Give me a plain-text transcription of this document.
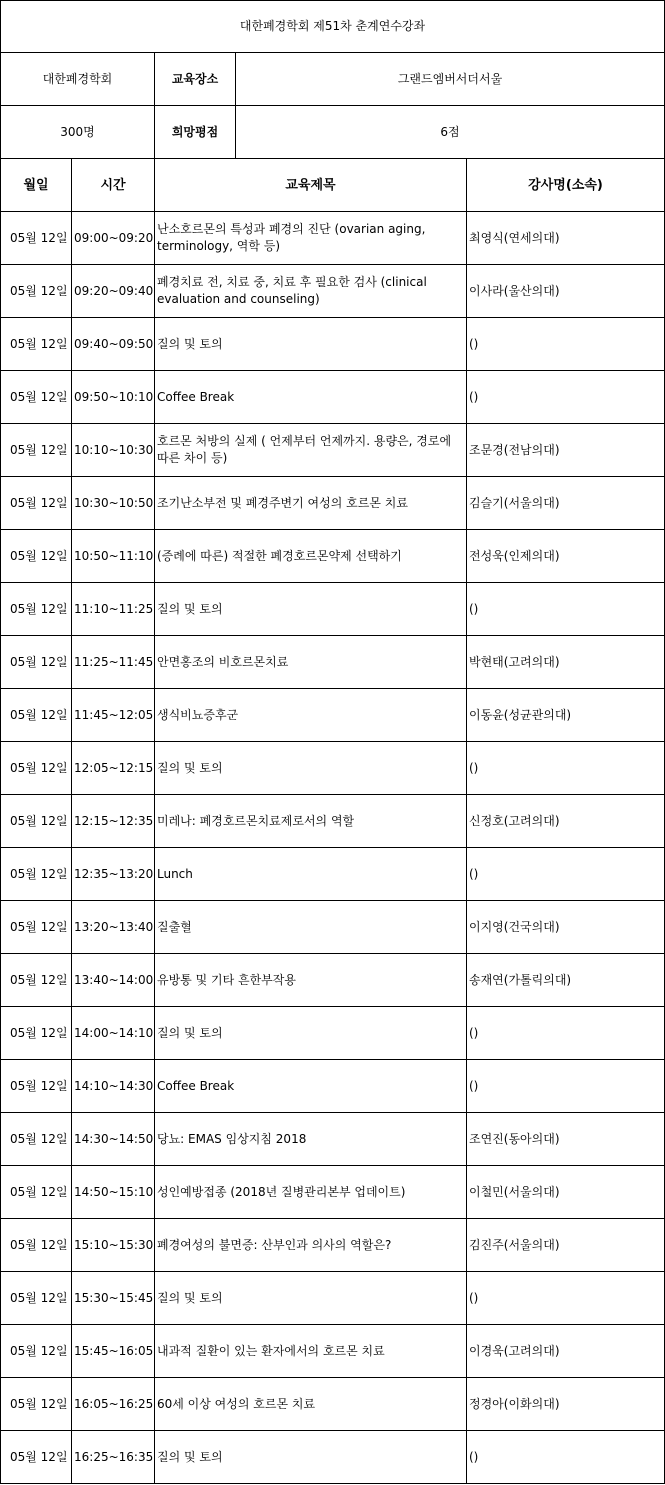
대한폐경학회 제51차 춘계연수강좌				
대한폐경학회		교육장소	그랜드엠버서더서울	
300명		희망평점	6점	
월일	시간	교육제목		강사명(소속)
05월 12일	09:00~09:20	난소호르몬의 특성과 폐경의 진단 (ovarian aging, terminology, 역학 등)		최영식(연세의대)
05월 12일	09:20~09:40	폐경치료 전, 치료 중, 치료 후 필요한 검사 (clinical evaluation and counseling)		이사라(울산의대)
05월 12일	09:40~09:50	질의 및 토의		()
05월 12일	09:50~10:10	Coffee Break		()
05월 12일	10:10~10:30	호르몬 처방의 실제 ( 언제부터 언제까지. 용량은, 경로에 따른 차이 등)		조문경(전남의대)
05월 12일	10:30~10:50	조기난소부전 및 폐경주변기 여성의 호르몬 치료		김슬기(서울의대)
05월 12일	10:50~11:10	(증례에 따른) 적절한 폐경호르몬약제 선택하기		전성욱(인제의대)
05월 12일	11:10~11:25	질의 및 토의		()
05월 12일	11:25~11:45	안면홍조의 비호르몬치료		박현태(고려의대)
05월 12일	11:45~12:05	생식비뇨증후군		이동윤(성균관의대)
05월 12일	12:05~12:15	질의 및 토의		()
05월 12일	12:15~12:35	미레나: 폐경호르몬치료제로서의 역할		신정호(고려의대)
05월 12일	12:35~13:20	Lunch		()
05월 12일	13:20~13:40	질출혈		이지영(건국의대)
05월 12일	13:40~14:00	유방통 및 기타 흔한부작용		송재연(가톨릭의대)
05월 12일	14:00~14:10	질의 및 토의		()
05월 12일	14:10~14:30	Coffee Break		()
05월 12일	14:30~14:50	당뇨: EMAS 임상지침 2018		조연진(동아의대)
05월 12일	14:50~15:10	성인예방접종 (2018년 질병관리본부 업데이트)		이철민(서울의대)
05월 12일	15:10~15:30	폐경여성의 불면증: 산부인과 의사의 역할은?		김진주(서울의대)
05월 12일	15:30~15:45	질의 및 토의		()
05월 12일	15:45~16:05	내과적 질환이 있는 환자에서의 호르몬 치료		이경욱(고려의대)
05월 12일	16:05~16:25	60세 이상 여성의 호르몬 치료		정경아(이화의대)
05월 12일	16:25~16:35	질의 및 토의		()
